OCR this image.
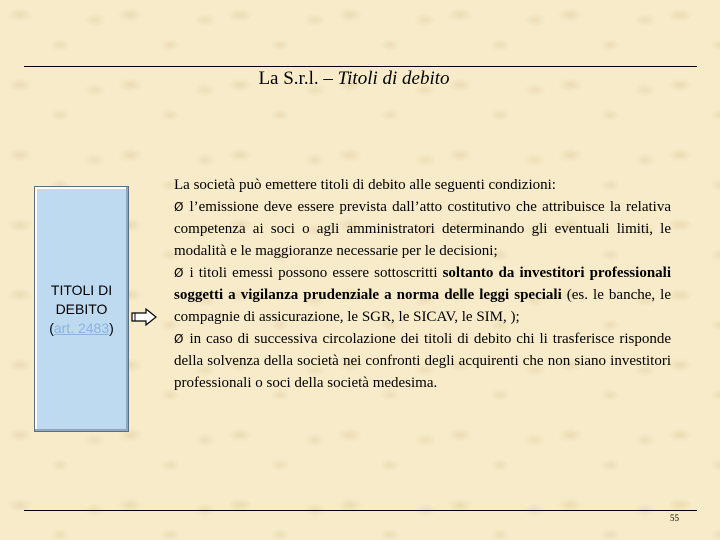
La S.r.l. – Titoli di debito
TITOLI DI
DEBITO
(art. 2483)

La società può emettere titoli di debito alle seguenti condizioni:

Ø l’emissione deve essere prevista dall’atto costitutivo che attribuisce la relativa competenza ai soci o agli amministratori determinando gli eventuali limiti, le modalità e le maggioranze necessarie per le decisioni;

Ø i titoli emessi possono essere sottoscritti soltanto da investitori professionali soggetti a vigilanza prudenziale a norma delle leggi speciali (es. le banche, le compagnie di assicurazione, le SGR, le SICAV, le SIM, );

Ø in caso di successiva circolazione dei titoli di debito chi li trasferisce risponde della solvenza della società nei confronti degli acquirenti che non siano investitori professionali o soci della società medesima.

55
